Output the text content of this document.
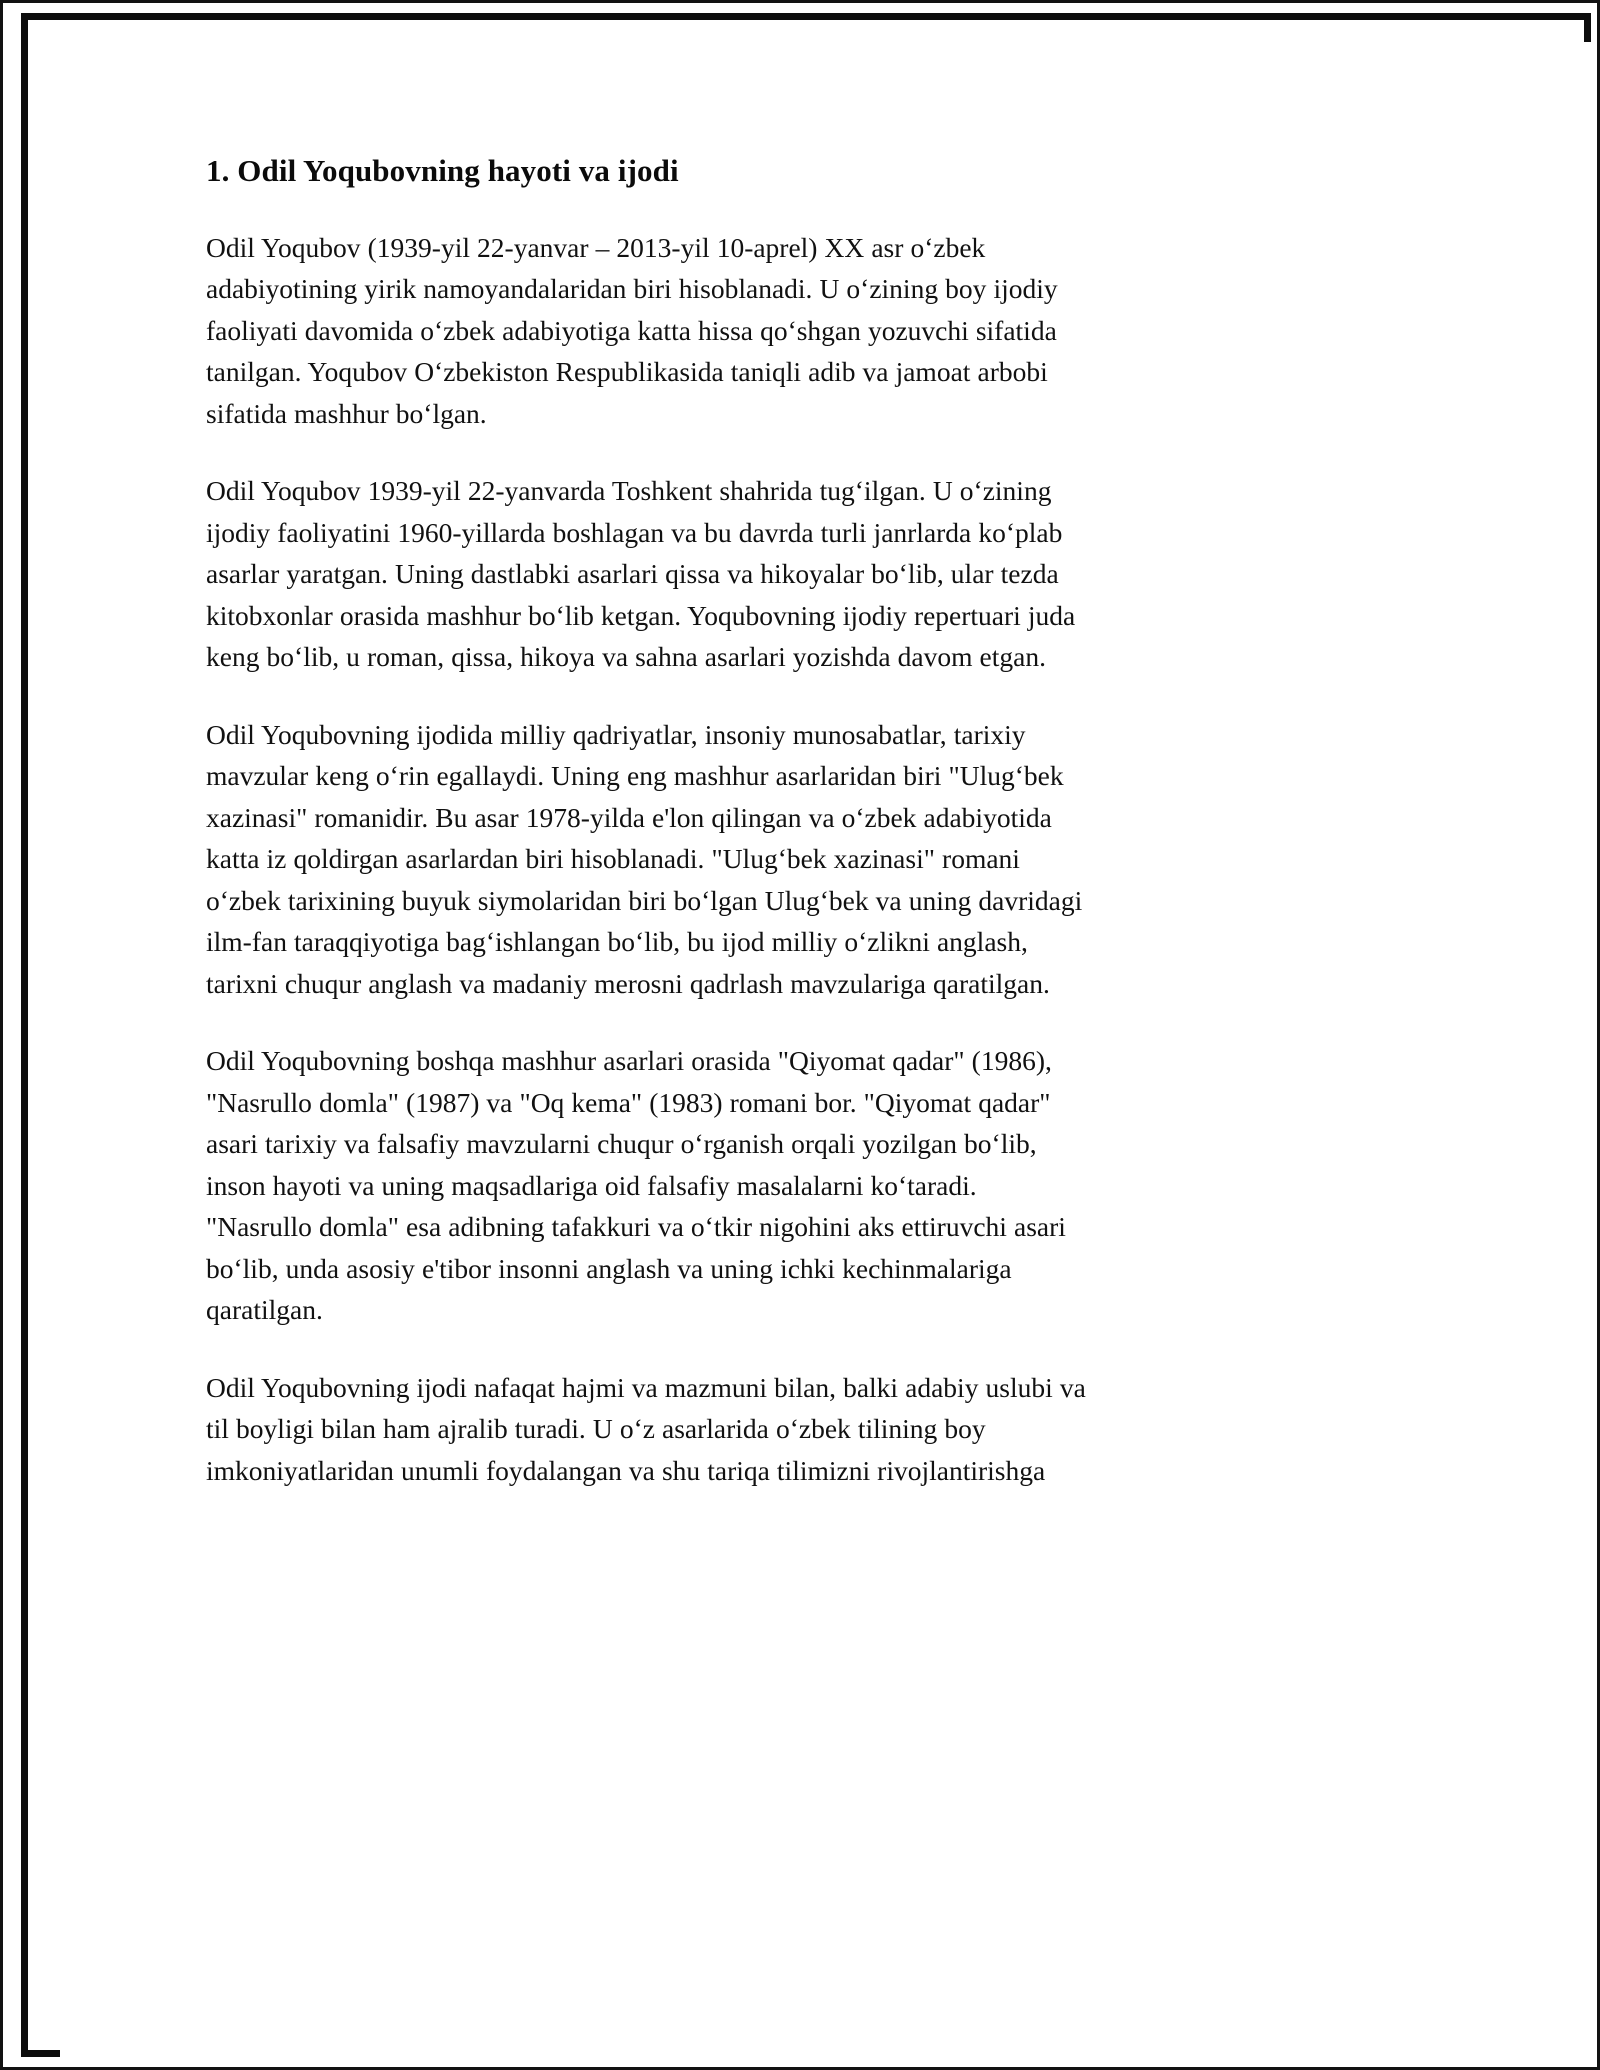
1. Odil Yoqubovning hayoti va ijodi

Odil Yoqubov (1939-yil 22-yanvar – 2013-yil 10-aprel) XX asr oʻzbek adabiyotining yirik namoyandalaridan biri hisoblanadi. U oʻzining boy ijodiy faoliyati davomida oʻzbek adabiyotiga katta hissa qoʻshgan yozuvchi sifatida tanilgan. Yoqubov Oʻzbekiston Respublikasida taniqli adib va jamoat arbobi sifatida mashhur boʻlgan.

Odil Yoqubov 1939-yil 22-yanvarda Toshkent shahrida tugʻilgan. U oʻzining ijodiy faoliyatini 1960-yillarda boshlagan va bu davrda turli janrlarda koʻplab asarlar yaratgan. Uning dastlabki asarlari qissa va hikoyalar boʻlib, ular tezda kitobxonlar orasida mashhur boʻlib ketgan. Yoqubovning ijodiy repertuari juda keng boʻlib, u roman, qissa, hikoya va sahna asarlari yozishda davom etgan.

Odil Yoqubovning ijodida milliy qadriyatlar, insoniy munosabatlar, tarixiy mavzular keng oʻrin egallaydi. Uning eng mashhur asarlaridan biri "Ulugʻbek xazinasi" romanidir. Bu asar 1978-yilda e'lon qilingan va oʻzbek adabiyotida katta iz qoldirgan asarlardan biri hisoblanadi. "Ulugʻbek xazinasi" romani oʻzbek tarixining buyuk siymolaridan biri boʻlgan Ulugʻbek va uning davridagi ilm-fan taraqqiyotiga bagʻishlangan boʻlib, bu ijod milliy oʻzlikni anglash, tarixni chuqur anglash va madaniy merosni qadrlash mavzulariga qaratilgan.

Odil Yoqubovning boshqa mashhur asarlari orasida "Qiyomat qadar" (1986), "Nasrullo domla" (1987) va "Oq kema" (1983) romani bor. "Qiyomat qadar" asari tarixiy va falsafiy mavzularni chuqur oʻrganish orqali yozilgan boʻlib, inson hayoti va uning maqsadlariga oid falsafiy masalalarni koʻtaradi. "Nasrullo domla" esa adibning tafakkuri va oʻtkir nigohini aks ettiruvchi asari boʻlib, unda asosiy e'tibor insonni anglash va uning ichki kechinmalariga qaratilgan.

Odil Yoqubovning ijodi nafaqat hajmi va mazmuni bilan, balki adabiy uslubi va til boyligi bilan ham ajralib turadi. U oʻz asarlarida oʻzbek tilining boy imkoniyatlaridan unumli foydalangan va shu tariqa tilimizni rivojlantirishga
